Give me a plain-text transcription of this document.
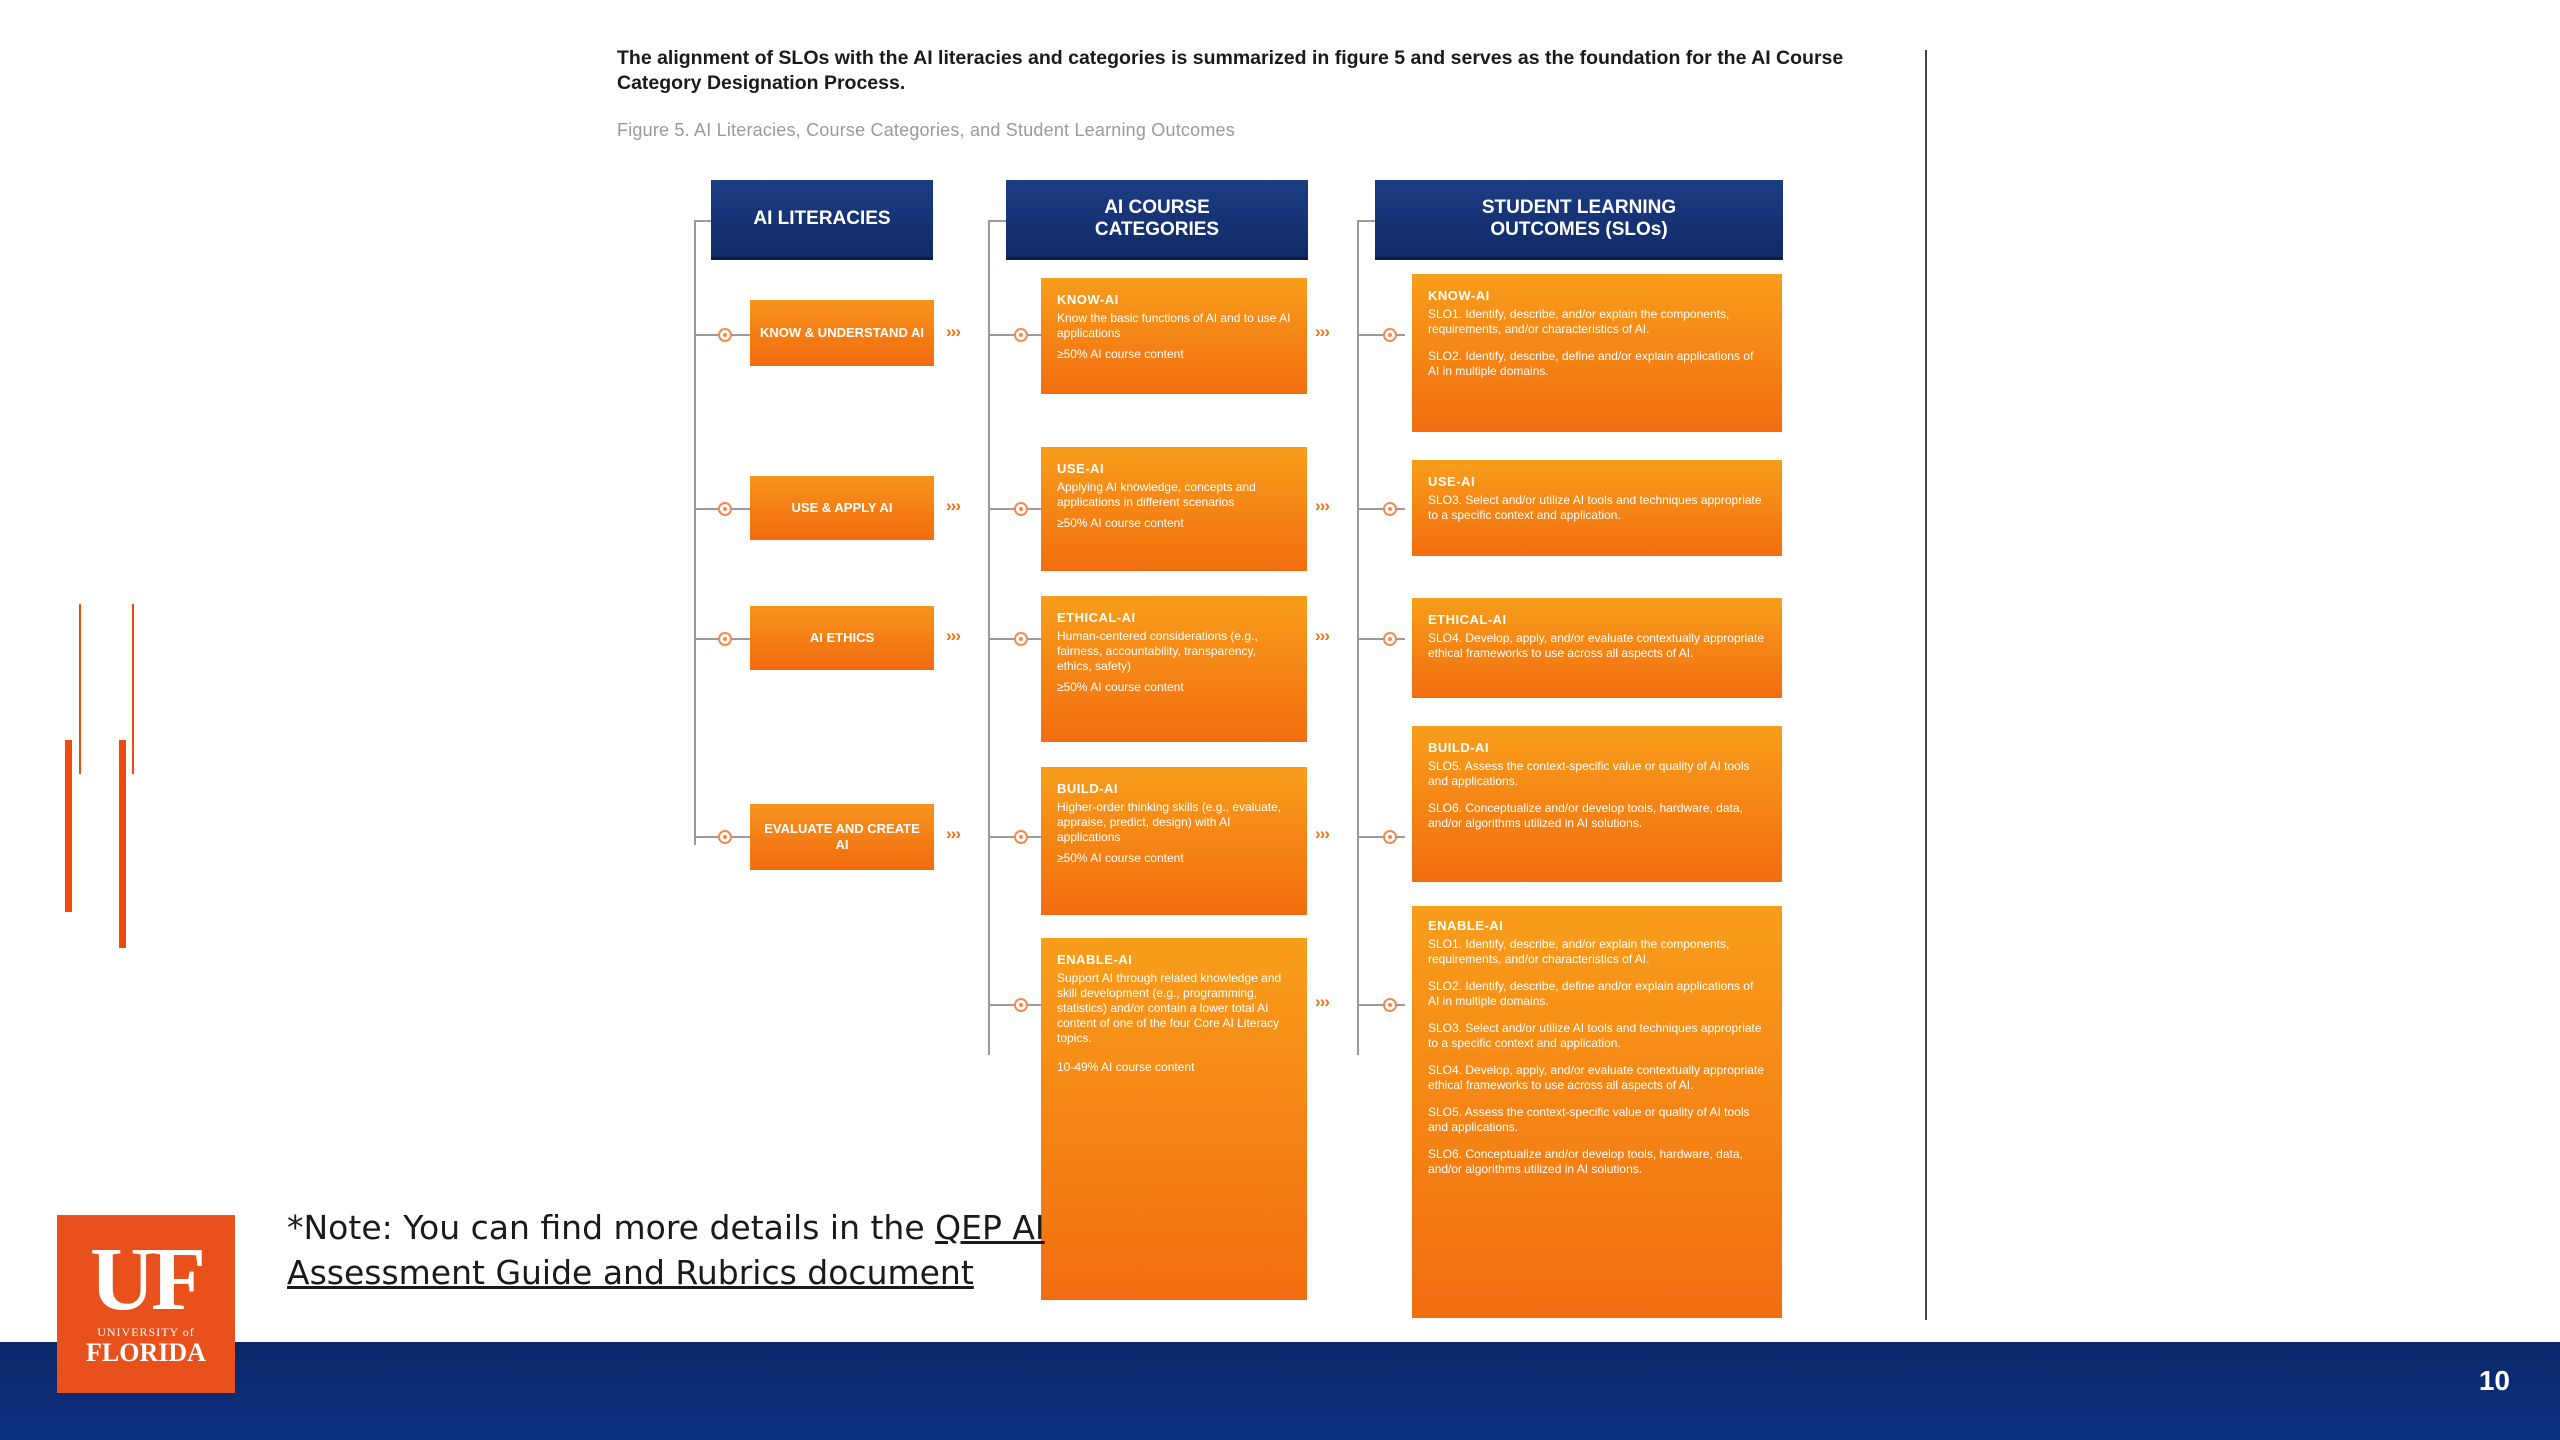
The alignment of SLOs with the AI literacies and categories is summarized in figure 5 and serves as the foundation for the AI Course Category Designation Process.
Figure 5. AI Literacies, Course Categories, and Student Learning Outcomes
AI LITERACIES
AI COURSE CATEGORIES
STUDENT LEARNING OUTCOMES (SLOs)
KNOW & UNDERSTAND AI	›››
KNOW-AI
Know the basic functions of AI and to use AI applications
≥50% AI course content
›››
KNOW-AI
SLO1. Identify, describe, and/or explain the components, requirements, and/or characteristics of AI.
SLO2. Identify, describe, define and/or explain applications of AI in multiple domains.
USE & APPLY AI	›››
USE-AI
Applying AI knowledge, concepts and applications in different scenarios
≥50% AI course content
›››
USE-AI
SLO3. Select and/or utilize AI tools and techniques appropriate to a specific context and application.
AI ETHICS	›››
ETHICAL-AI
Human-centered considerations (e.g., fairness, accountability, transparency, ethics, safety)
≥50% AI course content
›››
ETHICAL-AI
SLO4. Develop, apply, and/or evaluate contextually appropriate ethical frameworks to use across all aspects of AI.
EVALUATE AND CREATE AI
›››
BUILD-AI
Higher-order thinking skills (e.g., evaluate, appraise, predict, design) with AI applications
≥50% AI course content
›››
BUILD-AI
SLO5. Assess the context-specific value or quality of AI tools and applications.
SLO6. Conceptualize and/or develop tools, hardware, data, and/or algorithms utilized in AI solutions.
ENABLE-AI
Support AI through related knowledge and skill development (e.g., programming, statistics) and/or contain a lower total AI content of one of the four Core AI Literacy topics.
10-49% AI course content
›››
ENABLE-AI
SLO1. Identify, describe, and/or explain the components, requirements, and/or characteristics of AI.
SLO2. Identify, describe, define and/or explain applications of AI in multiple domains.
SLO3. Select and/or utilize AI tools and techniques appropriate to a specific context and application.
SLO4. Develop, apply, and/or evaluate contextually appropriate ethical frameworks to use across all aspects of AI.
SLO5. Assess the context-specific value or quality of AI tools and applications.
SLO6. Conceptualize and/or develop tools, hardware, data, and/or algorithms utilized in AI solutions.
*Note: You can find more details in the QEP AI Assessment Guide and Rubrics document
10
UF
UNIVERSITY of
FLORIDA
